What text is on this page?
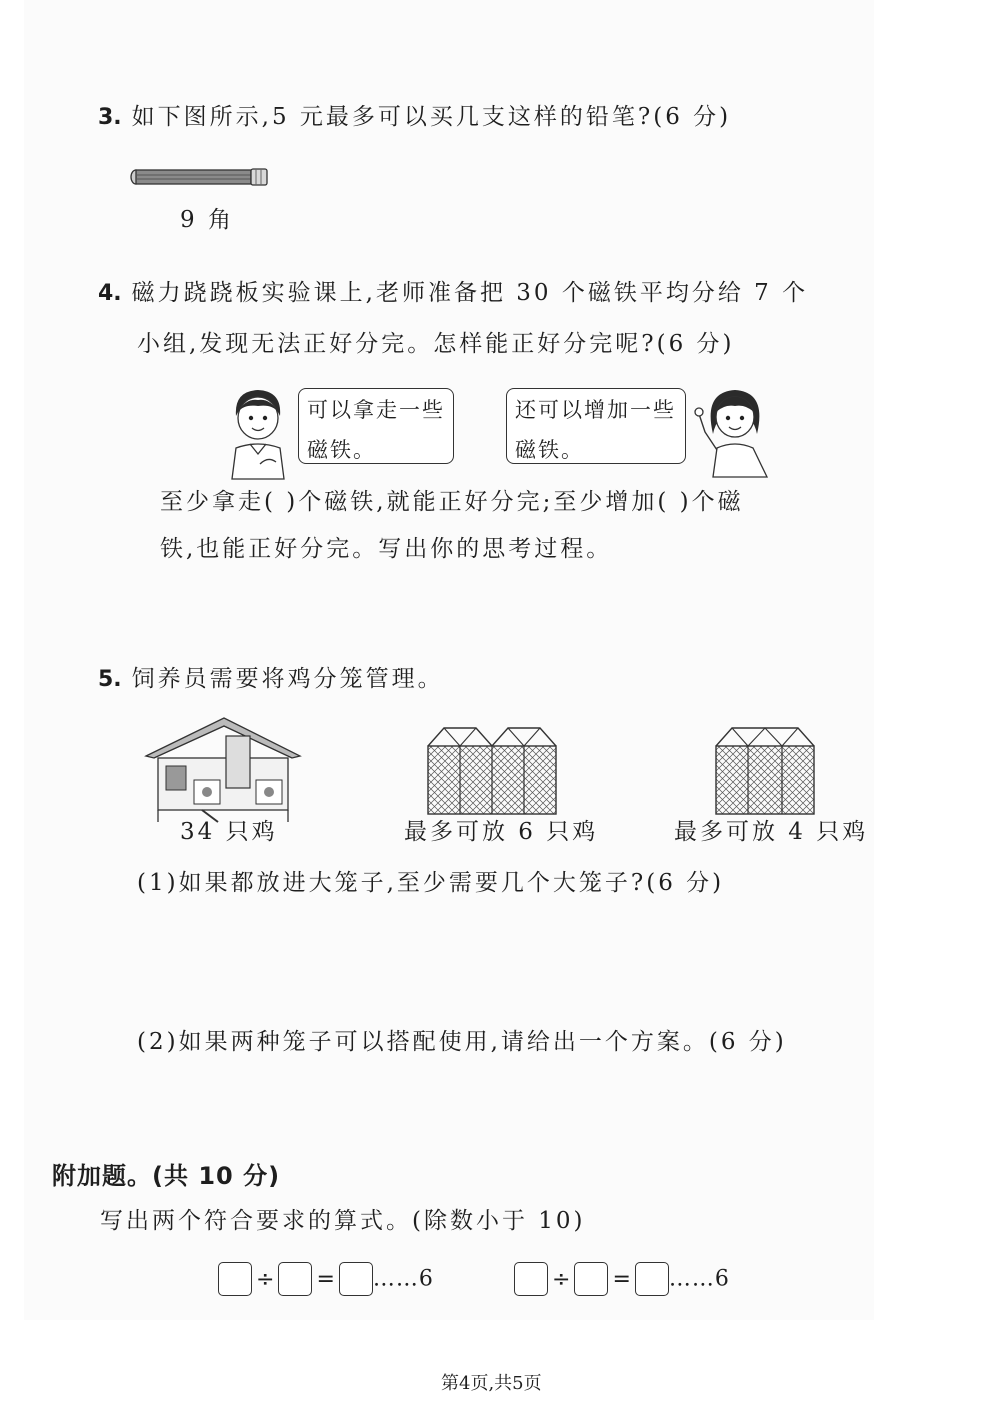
3. 如下图所示,5 元最多可以买几支这样的铅笔?(6 分)
9 角
4. 磁力跷跷板实验课上,老师准备把 30 个磁铁平均分给 7 个
小组,发现无法正好分完。怎样能正好分完呢?(6 分)
可以拿走一些
磁铁。
还可以增加一些
磁铁。
至少拿走( )个磁铁,就能正好分完;至少增加( )个磁
铁,也能正好分完。写出你的思考过程。
5. 饲养员需要将鸡分笼管理。
34 只鸡	最多可放 6 只鸡	最多可放 4 只鸡
(1)如果都放进大笼子,至少需要几个大笼子?(6 分)
(2)如果两种笼子可以搭配使用,请给出一个方案。(6 分)
附加题。(共 10 分)
写出两个符合要求的算式。(除数小于 10)
÷ = ……6	÷ = ……6
第4页,共5页
